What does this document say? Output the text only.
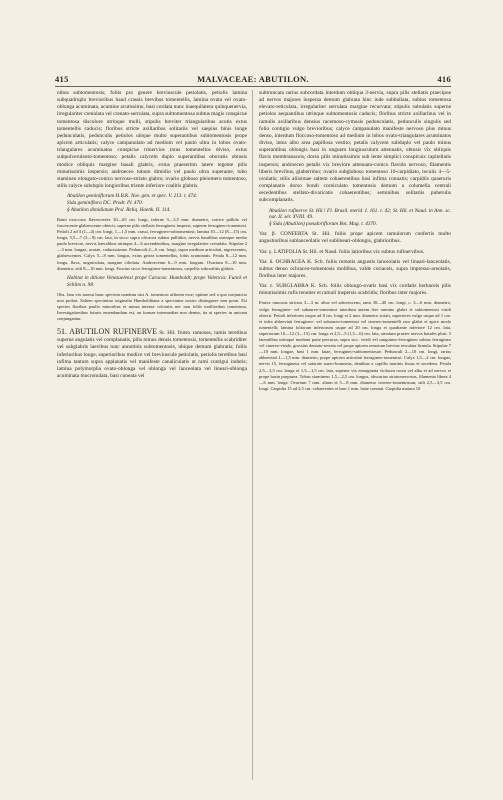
415	MALVACEAE: ABUTILON.	416

nibus subtomentosis; foliis pro genere breviuscule petiolatis, petiolis lamina subquadruplo brevioribus haud crassis brevibus tomentellis, lamina ovata vel ovato-oblonga acuminata, acumine acutissimo, basi cordata nunc inaequilatera quinquenervia, irregulariter crenulata vel crenato-serrulata, supra subtomentosa subtus magis conspicue tomentosa discolore utrinque molli, stipulis breviter triangularibus acutis extus tomentellis caducis; floribus stricte axillaribus solitariis vel saepius binis longe pedunculatis, pedunculis petiolos ubique multo superantibus subtomentosis prope apicem articulatis; calyce campanulato ad medium vel paulo ultra in lobos ovato-triangulares acuminatos conspicue trinervios intus tomentellos diviso, extus subpulverulento-tomentoso; petalis calycem duplo superantibus obovatis obtusis modice obliquis margine basali glabris, extus praesertim latere tegente pilis minutissimis inspersis; androeceo tubum dimidio vel paulo ultra superante, tubo stamineo elongato-conico nervoso-striato glabro; ovario globoso pleiomero tomentoso, stilis calyce subduplo longioribus triente inferiore coalitis glabris.

Abutilon geminiflorum H.B.K. Nov. gen. et spec. V. 213. t. 474.

Sida geminiflora DC. Prodr. IV. 470.

§ Abutilon dimidiatum Prsl. Reliq. Haenk. II. 114.

Rami exsiccato flavescentes 30—65 cm. longi, inferne 3—3,5 mm. diametro, cortice pallido vel fuscescente glabrescente obtecti, superne pilis stellatis ferrugineis inspersi, superne ferrugineo-tomentosi. Petioli 2 ad 3 (1—4) cm. longi, 1—1,5 mm. crassi, ferrugineo-subtomentosi; lamina 10—12 (8—15) cm. longa, 5,5—7 (3—9) cm. lata, in sicco supra olivacea subtus pallidior, nervis basalibus utrinque medio paulo breviore, nervis lateralibus utrinque 4—6 ascendentibus, margine irregulariter crenulata. Stipulae 2—3 mm. longae, acutae, caducissimae. Pedunculi 4—6 cm. longi, supra medium articulati, nigrescentes, glabrescentes. Calyx 5—8 mm. longus, extus grisea tomentellus, lobis acuminatis. Petala 8—12 mm. longa, flava, unguiculata, margine ciliolata. Androeceum 6—9 mm. longum. Ovarium 8—10 mm. diametro; stili 8—10 mm. longi. Fructus sicco ferrugineo-tomentosus, carpellis subcoalitis glabris.

Habitat in ditione Venezuelensi prope Caracas: Humboldt; prope Valencia: Funck et Schlim n. 98.

Obs. Jam vix monui hanc speciem nondum nisi A. tomentosi affinem esse; optime sed a qua conjunctio non probat. Saltem specimina originalia Humboldtiana a specimine nostro distinguere non potui. Est species floribus paullo minoribus et minus intense coloratis nec non foliis mollioribus tomentosa. Investigationibus futuris emendandum est, an formae intermediae non dentur, ita ut species in unicam conjungantur.

51. ABUTILON RUFINERVE St. Hil. frutex ramosus, ramis teretibus superne angulatis vel complanatis, pilis minus densis tomentosis, tomentellis scabriditer vel subglabris laevibus tunc annotinis subtomentosis, ubique demum glabratis; foliis inferioribus longe, superioribus modice vel breviuscule petiolatis, petiolis teretibus basi infima tantum supra applanatis vel manifeste canaliculatis ut rami contigui indutis; lamina polymorpha ovato-oblonga vel oblonga vel lanceolata vel lineari-oblonga acuminata mucronulata, basi cuneata vel

subtruncata rarius subcordata interdum obliqua 3-nervia, supra pilis stellatis praecipue ad nervos majores inspersa demum glabrata hinc inde subbullata, subtus tomentosa elevato-reticulata, irregulariter serrulata margine recurvata; stipulis subulatis superne petiolos aequantibus utrinque subtomentosis caducis; floribus stricte axillaribus vel in ramulis axillaribus densius racemoso-cymosis pedunculatis, pedunculis singulis sed folio contigio vulgo brevioribus; calyce campanulato manifeste nervoso plus minus denso, interdum floccoso-tomentoso ad medium in lobos ovato-triangulares acuminatos diviso, intus albo area papillosa vestito; petalis calycem subduplo vel paulo minus superantibus oblongis basi in unguem longiusculum attenuatis, obtusis vix obliquis flavis membranaceis, dorso pilis minutissimis sub lente simplici conspicuis capitellatis inspersis; androeceo petalis vix breviore attenuato-conico flavido nervoso, filamentis liberis brevibus, glaberrimo; ovario subgloboso tomentoso 10-carpidiato, loculis 4—5-ovulatis; stilis aliisimae saltem cohaerentibus basi infima connatis; carpidiis quaeruris complanatis dorso bondi corniculato tomentosis demum a columella centrali secedentibus stellato-divaricatis cohaerentibus; seminibus solitariis puberulis subcomplanatis.

Abutilon rufinerve St. Hil.! Fl. Brasil. merid. I. 161. t. 42; St. Hil. et Naud. in Ann. sc. nat. II. sér. XVIII. 49.

§ Sida (Abutilon) pseudoriflorum Bot. Mag. t. 4370.

Var. β. CONFERTA St. Hil. foliis prope apicem ramulorum confertis molto angustioribus sublanceolatis vel sublineari-oblongis, glabrioribus.

Var. γ. LATIFOLIA St. Hil. et Naud. foliis latioribus vix subtus rufinervibus.

Var. δ. OCHRACEA K. Sch. foliis remotis angustis lanceolatis vel lineari-lanceolatis, subtus denso ochraceo-tomentosis mollibus, valde coriaceis, supra impresso-areolatis, floribus inter majores.

Var. ε. SUBGLABRA K. Sch. foliis oblongo-ovatis basi vix cordatis herbaceis pilis minutissimis rufis tenuiter et ramuli inspersis scabridis; floribus inter majores.

Frutex ramosus strictus 3—3 m. altus vel arborescens; rami 30—40 cm. longi, c. 3—6 mm. diametro, vulgo ferrugineo- vel subaureo-tomentosi interdum autem fere omnino glabri et subtomentosi viridi obtecti. Petioli inferiores usque ad 8 cm. longi et 2 mm. diametro striati, superiores vulgo usque ad 1 cm. et infra abbreviati ferrugineo- vel subaureo-tomentosi vel cinereo-tomentelli raro glabri et apice modo tomentelli; lamina foliorum inferiorum usque ad 20 cm. longa et quadrante inferiore 12 cm. lata, superiorum 10—12 (3—15) cm. longa et 2,5—5 (1,5—6) cm. lata, omnium praeter nervos basales pluri. 5 lateralibus utrinque mediani parte percursa, supra sicc. viridi vel sanguineo-ferrugineo subtus ferrugineo vel cinereo-viride, grossius dentato-serrata vel prope apicem remotum brevius serrulata firmula. Stipulae 7—10 mm. longae, basi 1 mm. latae, ferrugineo-subtomentosae. Pedunculi 2—10 cm. longi, rarius abbreviati 1—1,5 mm. diametro, prope apicem articulati ferrugineo-tomentosi. Calyx 1,5—2 cm. longus, nervis 15, ferrugineus vel saturate aureo-brunneus, dentibus a capillis marinis fissus et secedens. Petala 2,5—3,5 cm. longa et 1,5—1,5 cm. lata, superne vix emarginata violacea rosea vel alba et ad nervos et prope basin purpurea. Tubus stamineus 1,5—2,5 cm. longus, obscurius striatonervosus, filamenta libera 4—6 mm. longa. Ovarium 7 mm. altum et 5—8 mm. diametro cinereo-tomentosum; stili 2,5—3,5 cm. longi. Carpidia 15 ad 2,5 cm. cohaerentes et basi 1 mm. latae connati. Carpidia matura 10
